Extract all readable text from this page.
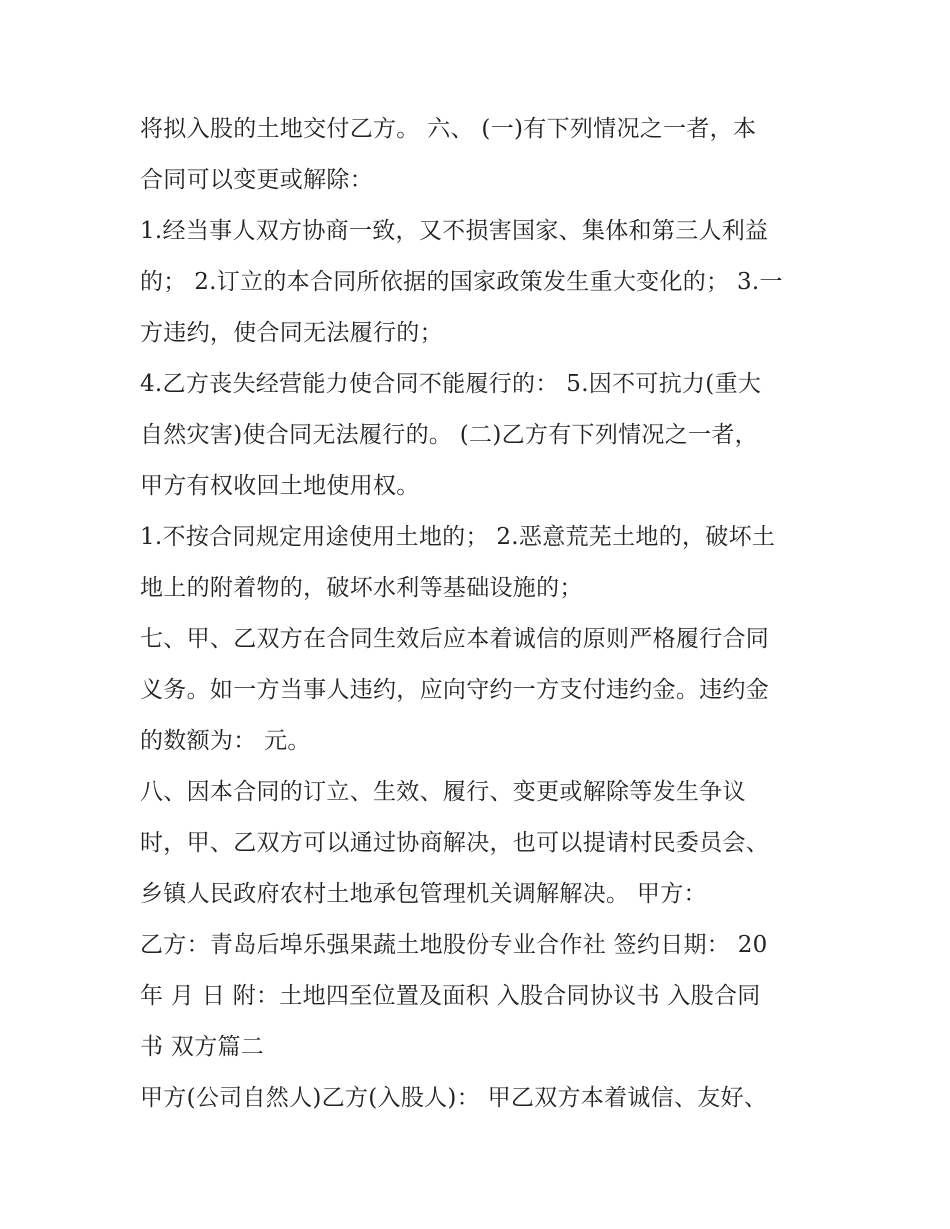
将拟入股的土地交付乙方。 六、 (一)有下列情况之一者，本
合同可以变更或解除：
1.经当事人双方协商一致，又不损害国家、集体和第三人利益
的； 2.订立的本合同所依据的国家政策发生重大变化的； 3.一
方违约，使合同无法履行的；
4.乙方丧失经营能力使合同不能履行的： 5.因不可抗力(重大
自然灾害)使合同无法履行的。 (二)乙方有下列情况之一者，
甲方有权收回土地使用权。
1.不按合同规定用途使用土地的； 2.恶意荒芜土地的，破坏土
地上的附着物的，破坏水利等基础设施的；
七、甲、乙双方在合同生效后应本着诚信的原则严格履行合同
义务。如一方当事人违约，应向守约一方支付违约金。违约金
的数额为： 元。
八、因本合同的订立、生效、履行、变更或解除等发生争议
时，甲、乙双方可以通过协商解决，也可以提请村民委员会、
乡镇人民政府农村土地承包管理机关调解解决。 甲方：
乙方：青岛后埠乐强果蔬土地股份专业合作社 签约日期： 20
年 月 日 附：土地四至位置及面积 入股合同协议书 入股合同
书 双方篇二
甲方(公司自然人)乙方(入股人)： 甲乙双方本着诚信、友好、
